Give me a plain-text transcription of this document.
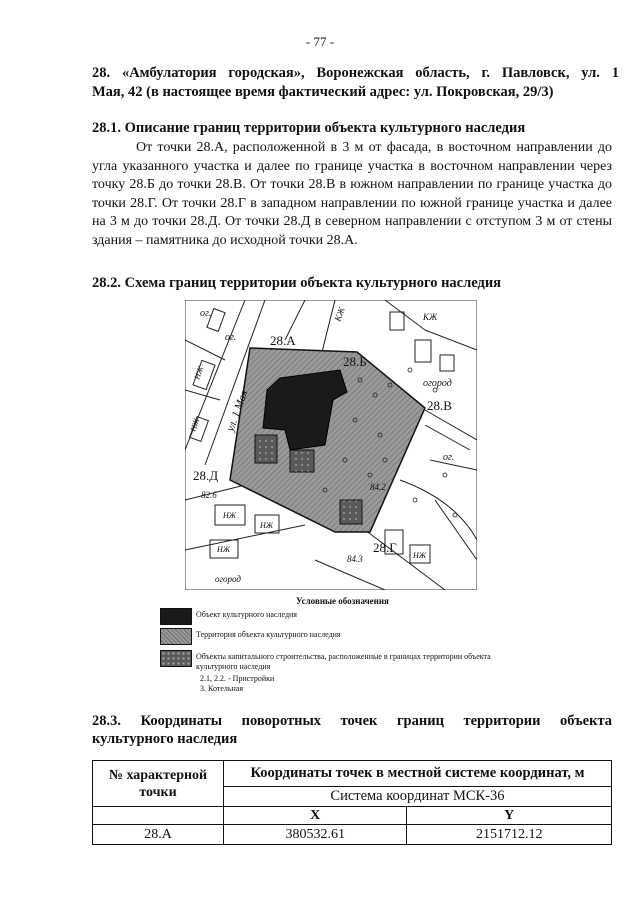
- 77 -
28. «Амбулатория городская», Воронежская область, г. Павловск, ул. 1
Мая, 42 (в настоящее время фактический адрес: ул. Покровская, 29/3)
28.1. Описание границ территории объекта культурного наследия
От точки 28.А, расположенной в 3 м от фасада, в восточном направлении до угла указанного участка и далее по границе участка в восточном направлении через точку 28.Б до точки 28.В. От точки 28.В в южном направлении по границе участка до точки 28.Г. От точки 28.Г в западном направлении по южной границе участка и далее на 3 м до точки 28.Д. От точки 28.Д в северном направлении с отступом 3 м от стены здания – памятника до исходной точки 28.А.
28.2. Схема границ территории объекта культурного наследия
28.А
28.Б
28.В
28.Г
28.Д
ул. 1 Мая
ог.
ог.
ог.
огород
КЖ	КЖ
82.6
84.3
84.2
огород
НЖ
НЖ
НЖ
НЖ
НЖ
НЖ
Условные обозначения
Объект культурного наследия
Территория объекта культурного наследия
Объекты капитального строительства, расположенные в границах территории объекта культурного наследия
2.1, 2.2. - Пристройки
3. Котельная
28.3. Координаты поворотных точек границ территории объекта
культурного наследия
№ характерной точки	Координаты точек в местной системе координат, м	
	Система координат МСК-36	
	X	Y
28.А	380532.61	2151712.12
